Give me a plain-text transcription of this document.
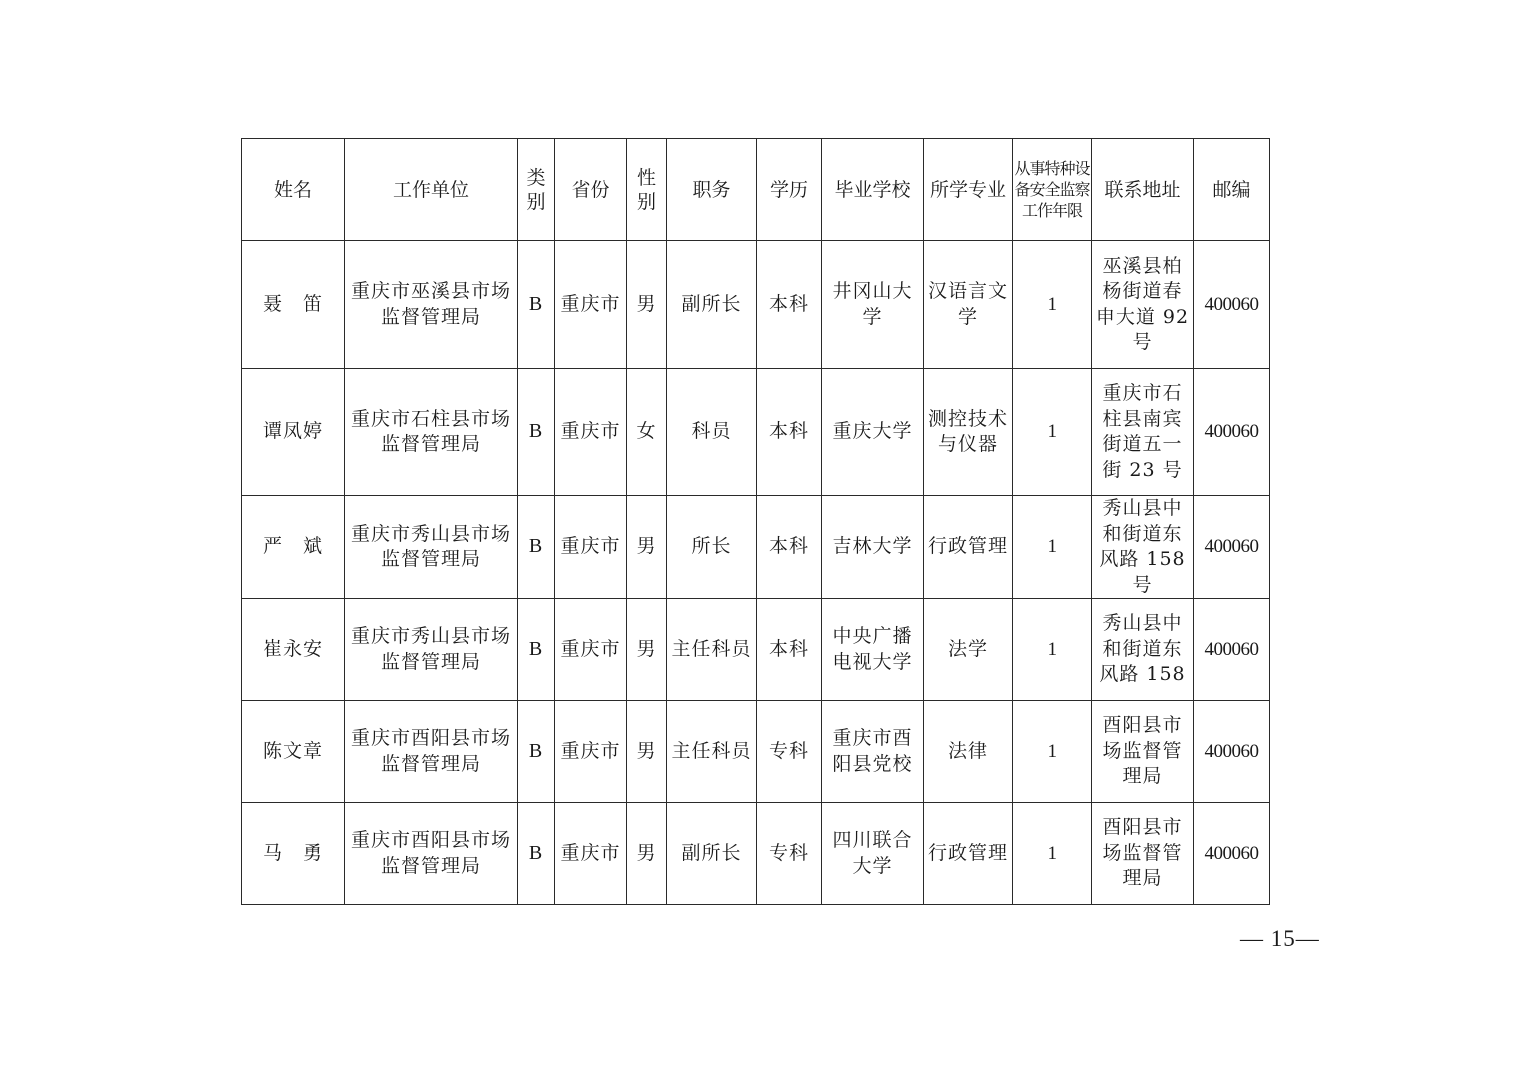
姓名	工作单位	类别	省份	性别	职务	学历	毕业学校	所学专业	从事特种设备安全监察工作年限	联系地址	邮编
聂　笛	重庆市巫溪县市场监督管理局	B	重庆市	男	副所长	本科	井冈山大学	汉语言文学	1	巫溪县柏杨街道春申大道 92 号	400060
谭凤婷	重庆市石柱县市场监督管理局	B	重庆市	女	科员	本科	重庆大学	测控技术与仪器	1	重庆市石柱县南宾街道五一街 23 号	400060
严　斌	重庆市秀山县市场监督管理局	B	重庆市	男	所长	本科	吉林大学	行政管理	1	秀山县中和街道东风路 158 号	400060
崔永安	重庆市秀山县市场监督管理局	B	重庆市	男	主任科员	本科	中央广播电视大学	法学	1	秀山县中和街道东风路 158	400060
陈文章	重庆市酉阳县市场监督管理局	B	重庆市	男	主任科员	专科	重庆市酉阳县党校	法律	1	酉阳县市场监督管理局	400060
马　勇	重庆市酉阳县市场监督管理局	B	重庆市	男	副所长	专科	四川联合大学	行政管理	1	酉阳县市场监督管理局	400060
— 15—
